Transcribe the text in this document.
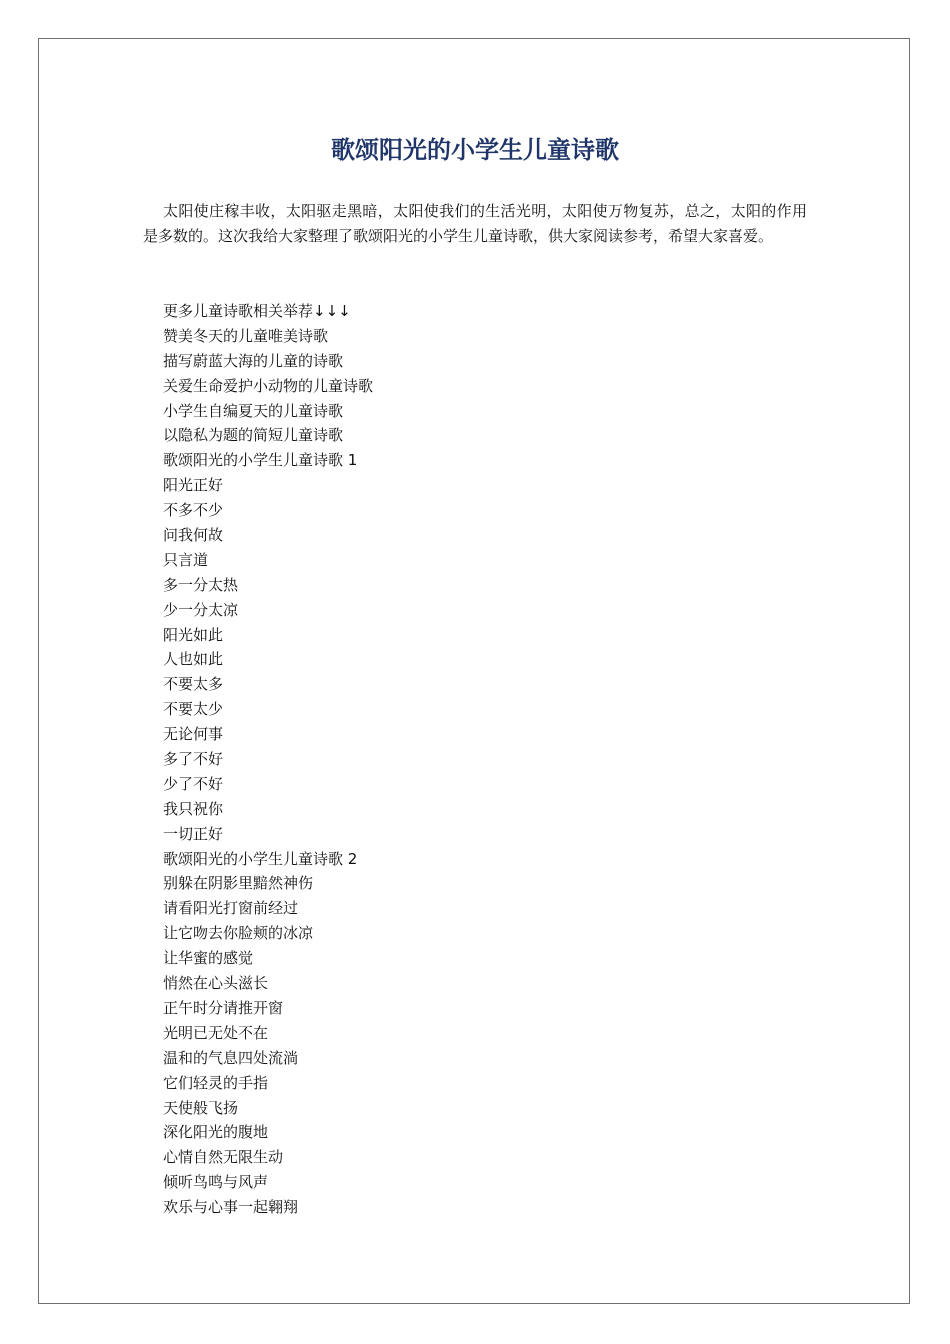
歌颂阳光的小学生儿童诗歌

太阳使庄稼丰收，太阳驱走黑暗，太阳使我们的生活光明，太阳使万物复苏，总之，太阳的作用是多数的。这次我给大家整理了歌颂阳光的小学生儿童诗歌，供大家阅读参考，希望大家喜爱。

更多儿童诗歌相关举荐↓↓↓
赞美冬天的儿童唯美诗歌
描写蔚蓝大海的儿童的诗歌
关爱生命爱护小动物的儿童诗歌
小学生自编夏天的儿童诗歌
以隐私为题的简短儿童诗歌
歌颂阳光的小学生儿童诗歌 1
阳光正好
不多不少
问我何故
只言道
多一分太热
少一分太凉
阳光如此
人也如此
不要太多
不要太少
无论何事
多了不好
少了不好
我只祝你
一切正好
歌颂阳光的小学生儿童诗歌 2
别躲在阴影里黯然神伤
请看阳光打窗前经过
让它吻去你脸颊的冰凉
让华蜜的感觉
悄然在心头滋长
正午时分请推开窗
光明已无处不在
温和的气息四处流淌
它们轻灵的手指
天使般飞扬
深化阳光的腹地
心情自然无限生动
倾听鸟鸣与风声
欢乐与心事一起翱翔
